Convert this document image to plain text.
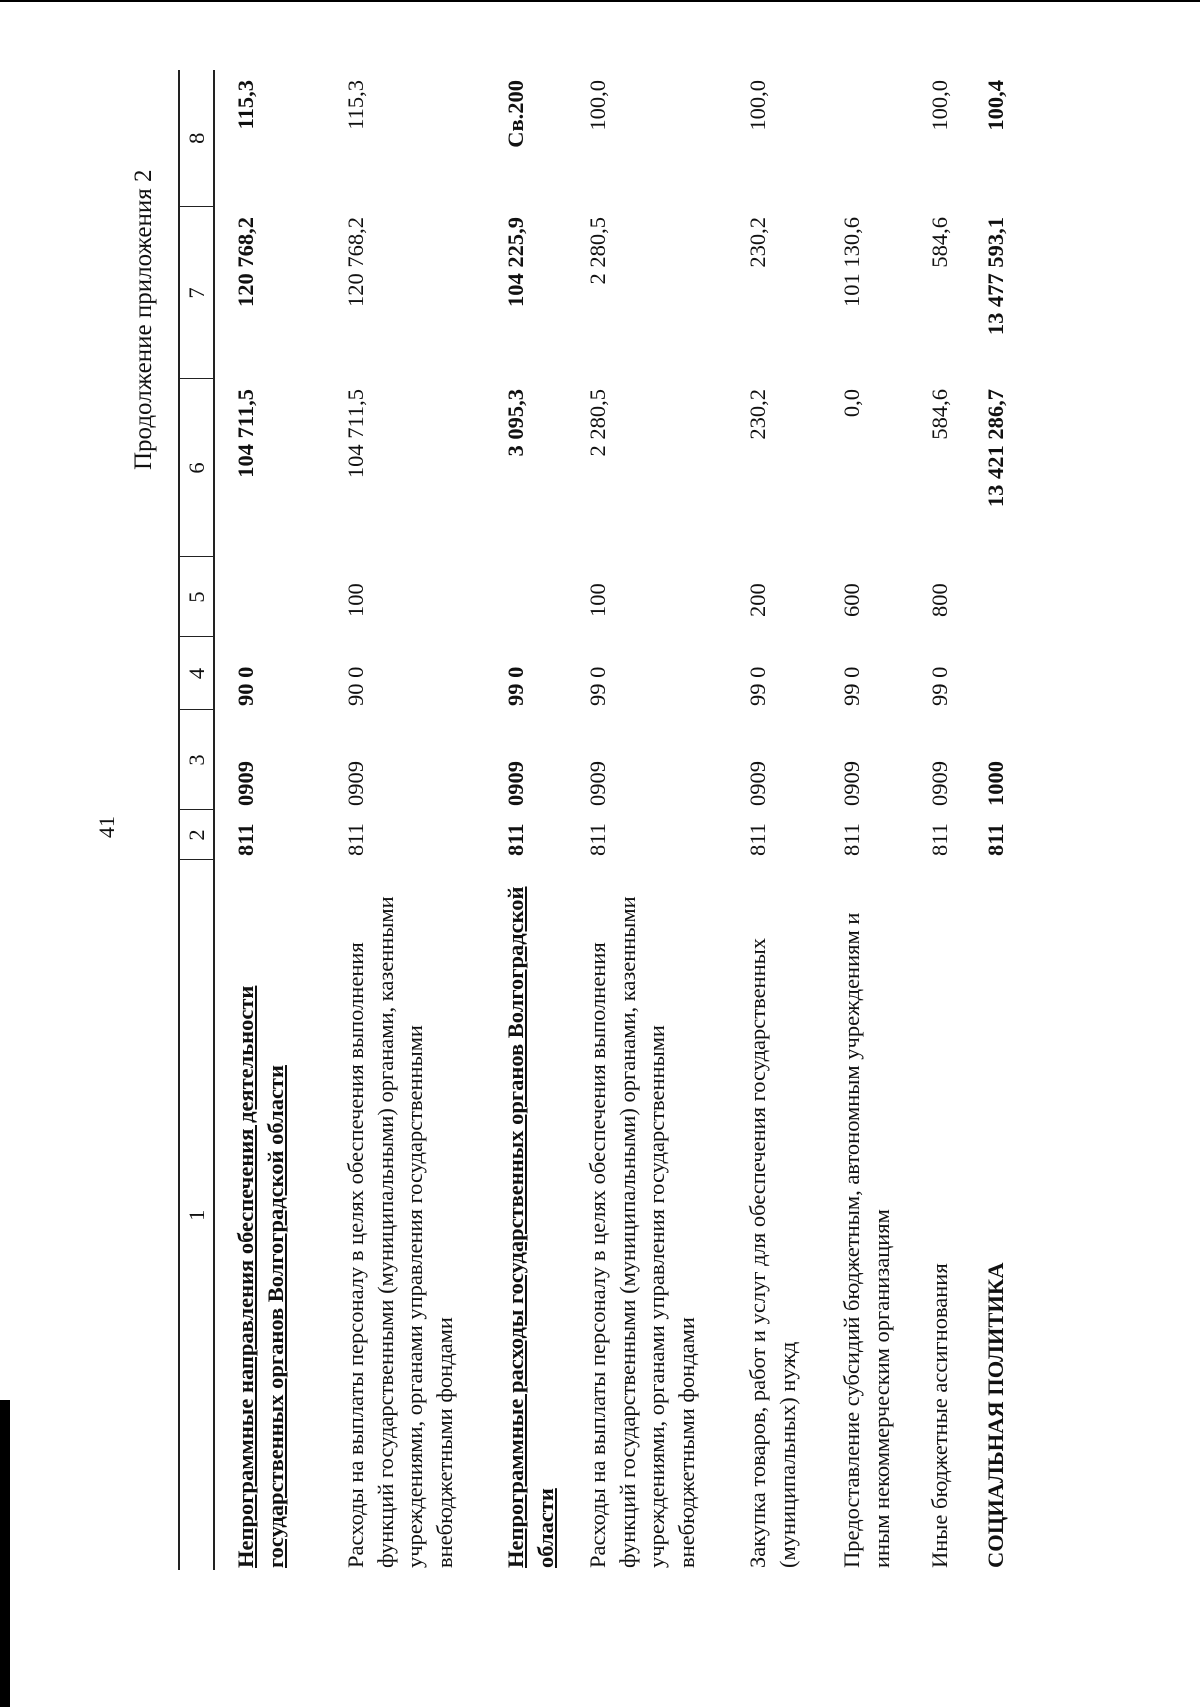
41
Продолжение приложения 2
1	2	3	4	5	6	7	8
Непрограммные направления обеспечения деятельности государственных органов Волгоградской области	811	0909	90 0		104 711,5	120 768,2	115,3
Расходы на выплаты персоналу в целях обеспечения выполнения функций государственными (муниципальными) органами, казенными учреждениями, органами управления государственными внебюджетными фондами	811	0909	90 0	100	104 711,5	120 768,2	115,3
Непрограммные расходы государственных органов Волгоградской области	811	0909	99 0		3 095,3	104 225,9	Св.200
Расходы на выплаты персоналу в целях обеспечения выполнения функций государственными (муниципальными) органами, казенными учреждениями, органами управления государственными внебюджетными фондами	811	0909	99 0	100	2 280,5	2 280,5	100,0
Закупка товаров, работ и услуг для обеспечения государственных (муниципальных) нужд	811	0909	99 0	200	230,2	230,2	100,0
Предоставление субсидий бюджетным, автономным учреждениям и иным некоммерческим организациям	811	0909	99 0	600	0,0	101 130,6	
Иные бюджетные ассигнования	811	0909	99 0	800	584,6	584,6	100,0
СОЦИАЛЬНАЯ ПОЛИТИКА	811	1000			13 421 286,7	13 477 593,1	100,4
